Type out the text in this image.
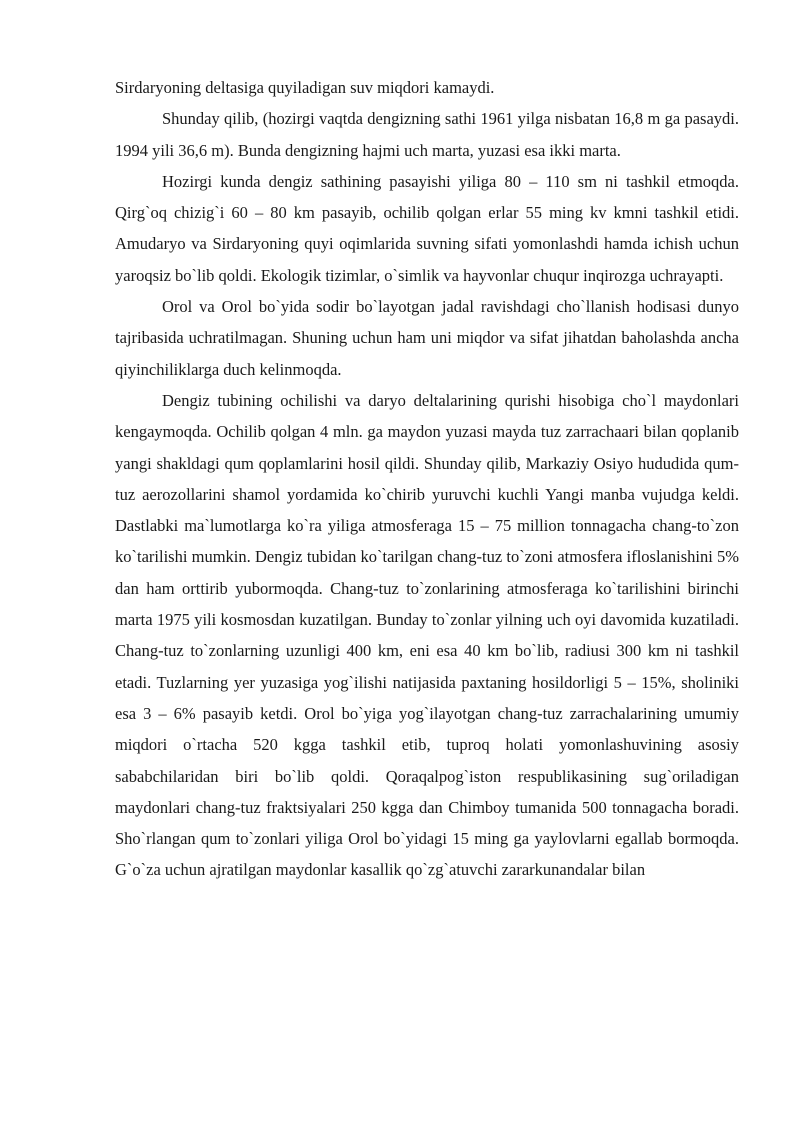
Sirdaryoning deltasiga quyiladigan suv miqdori kamaydi.

Shunday qilib, (hozirgi vaqtda dengizning sathi 1961 yilga nisbatan 16,8 m ga pasaydi. 1994 yili 36,6 m). Bunda dengizning hajmi uch marta, yuzasi esa ikki marta.

Hozirgi kunda dengiz sathining pasayishi yiliga 80 – 110 sm ni tashkil etmoqda. Qirg`oq chizig`i 60 – 80 km pasayib, ochilib qolgan erlar 55 ming kv kmni tashkil etidi. Amudaryo va Sirdaryoning quyi oqimlarida suvning sifati yomonlashdi hamda ichish uchun yaroqsiz bo`lib qoldi. Ekologik tizimlar, o`simlik va hayvonlar chuqur inqirozga uchrayapti.

Orol va Orol bo`yida sodir bo`layotgan jadal ravishdagi cho`llanish hodisasi dunyo tajribasida uchratilmagan. Shuning uchun ham uni miqdor va sifat jihatdan baholashda ancha qiyinchiliklarga duch kelinmoqda.

Dengiz tubining ochilishi va daryo deltalarining qurishi hisobiga cho`l maydonlari kengaymoqda. Ochilib qolgan 4 mln. ga maydon yuzasi mayda tuz zarrachaari bilan qoplanib yangi shakldagi qum qoplamlarini hosil qildi. Shunday qilib, Markaziy Osiyo hududida qum-tuz aerozollarini shamol yordamida ko`chirib yuruvchi kuchli Yangi manba vujudga keldi. Dastlabki ma`lumotlarga ko`ra yiliga atmosferaga 15 – 75 million tonnagacha chang-to`zon ko`tarilishi mumkin. Dengiz tubidan ko`tarilgan chang-tuz to`zoni atmosfera ifloslanishini 5% dan ham orttirib yubormoqda. Chang-tuz to`zonlarining atmosferaga ko`tarilishini birinchi marta 1975 yili kosmosdan kuzatilgan. Bunday to`zonlar yilning uch oyi davomida kuzatiladi. Chang-tuz to`zonlarning uzunligi 400 km, eni esa 40 km bo`lib, radiusi 300 km ni tashkil etadi. Tuzlarning yer yuzasiga yog`ilishi natijasida paxtaning hosildorligi 5 – 15%, sholiniki esa 3 – 6% pasayib ketdi. Orol bo`yiga yog`ilayotgan chang-tuz zarrachalarining umumiy miqdori o`rtacha 520 kgga tashkil etib, tuproq holati yomonlashuvining asosiy sababchilaridan biri bo`lib qoldi. Qoraqalpog`iston respublikasining sug`oriladigan maydonlari chang-tuz fraktsiyalari 250 kgga dan Chimboy tumanida 500 tonnagacha boradi. Sho`rlangan qum to`zonlari yiliga Orol bo`yidagi 15 ming ga yaylovlarni egallab bormoqda. G`o`za uchun ajratilgan maydonlar kasallik qo`zg`atuvchi zararkunandalar bilan
